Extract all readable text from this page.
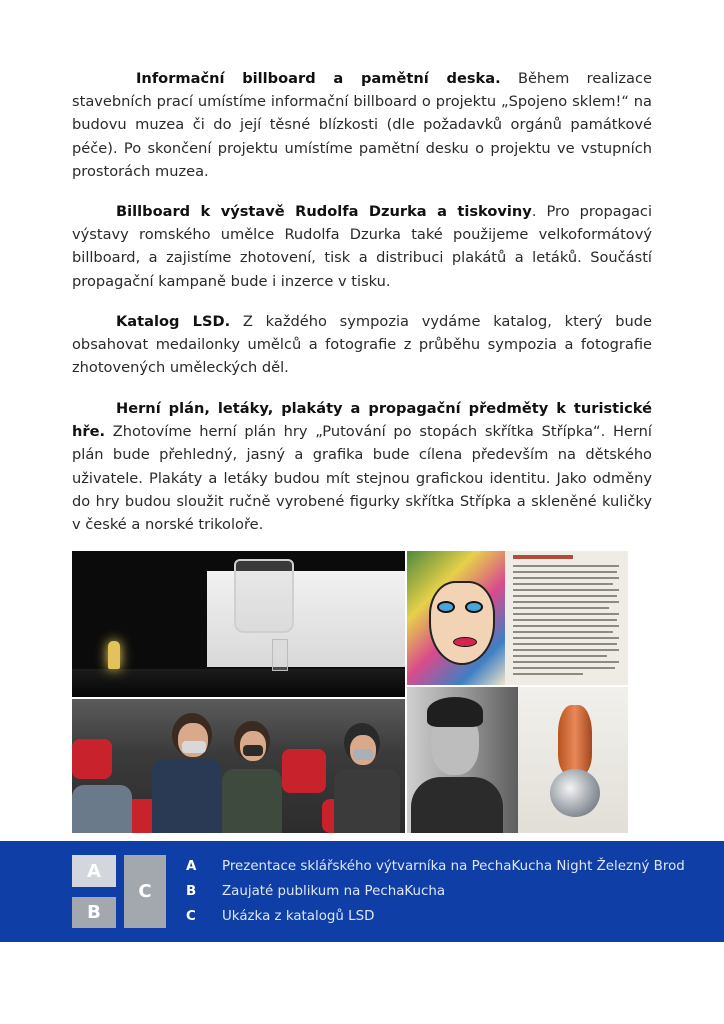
Informační billboard a pamětní deska. Během realizace stavebních prací umístíme informační billboard o projektu „Spojeno sklem!“ na budovu muzea či do její těsné blízkosti (dle požadavků orgánů památkové péče). Po skončení projektu umístíme pamětní desku o projektu ve vstupních prostorách muzea.
Billboard k výstavě Rudolfa Dzurka a tiskoviny. Pro propagaci výstavy romského umělce Rudolfa Dzurka také použijeme velkoformátový billboard, a zajistíme zhotovení, tisk a distribuci plakátů a letáků. Součástí propagační kampaně bude i inzerce v tisku.
Katalog LSD. Z každého sympozia vydáme katalog, který bude obsahovat medailonky umělců a fotografie z průběhu sympozia a fotografie zhotovených uměleckých děl.
Herní plán, letáky, plakáty a propagační předměty k turistické hře. Zhotovíme herní plán hry „Putování po stopách skřítka Střípka“. Herní plán bude přehledný, jasný a grafika bude cílena především na dětského uživatele. Plakáty a letáky budou mít stejnou grafickou identitu. Jako odměny do hry budou sloužit ručně vyrobené figurky skřítka Střípka a skleněné kuličky v české a norské trikoloře.
A
B
C
A Prezentace sklářského výtvarníka na PechaKucha Night Železný Brod
B Zaujaté publikum na PechaKucha
C Ukázka z katalogů LSD
